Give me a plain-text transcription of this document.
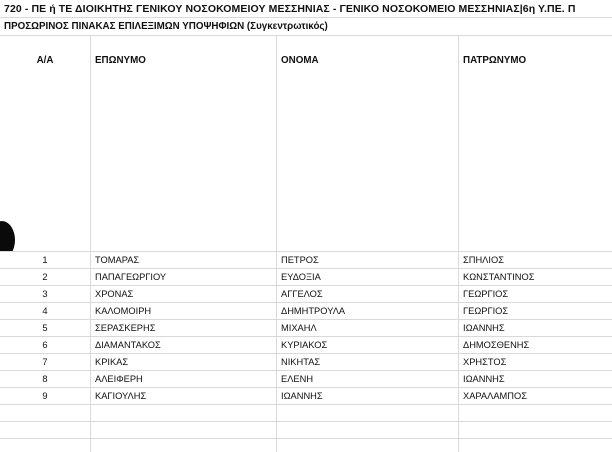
720 - ΠΕ ή ΤΕ ΔΙΟΙΚΗΤΗΣ ΓΕΝΙΚΟΥ ΝΟΣΟΚΟΜΕΙΟΥ ΜΕΣΣΗΝΙΑΣ - ΓΕΝΙΚΟ ΝΟΣΟΚΟΜΕΙΟ ΜΕΣΣΗΝΙΑΣ|6η Υ.ΠΕ. Π
ΠΡΟΣΩΡΙΝΟΣ ΠΙΝΑΚΑΣ ΕΠΙΛΕΞΙΜΩΝ ΥΠΟΨΗΦΙΩΝ (Συγκεντρωτικός)
Α/Α	ΕΠΩΝΥΜΟ	ΟΝΟΜΑ	ΠΑΤΡΩΝΥΜΟ
1	ΤΟΜΑΡΑΣ	ΠΕΤΡΟΣ	ΣΠΗΛΙΟΣ
2	ΠΑΠΑΓΕΩΡΓΙΟΥ	ΕΥΔΟΞΙΑ	ΚΩΝΣΤΑΝΤΙΝΟΣ
3	ΧΡΟΝΑΣ	ΑΓΓΕΛΟΣ	ΓΕΩΡΓΙΟΣ
4	ΚΑΛΟΜΟΙΡΗ	ΔΗΜΗΤΡΟΥΛΑ	ΓΕΩΡΓΙΟΣ
5	ΣΕΡΑΣΚΕΡΗΣ	ΜΙΧΑΗΛ	ΙΩΑΝΝΗΣ
6	ΔΙΑΜΑΝΤΑΚΟΣ	ΚΥΡΙΑΚΟΣ	ΔΗΜΟΣΘΕΝΗΣ
7	ΚΡΙΚΑΣ	ΝΙΚΗΤΑΣ	ΧΡΗΣΤΟΣ
8	ΑΛΕΙΦΕΡΗ	ΕΛΕΝΗ	ΙΩΑΝΝΗΣ
9	ΚΑΓΙΟΥΛΗΣ	ΙΩΑΝΝΗΣ	ΧΑΡΑΛΑΜΠΟΣ
